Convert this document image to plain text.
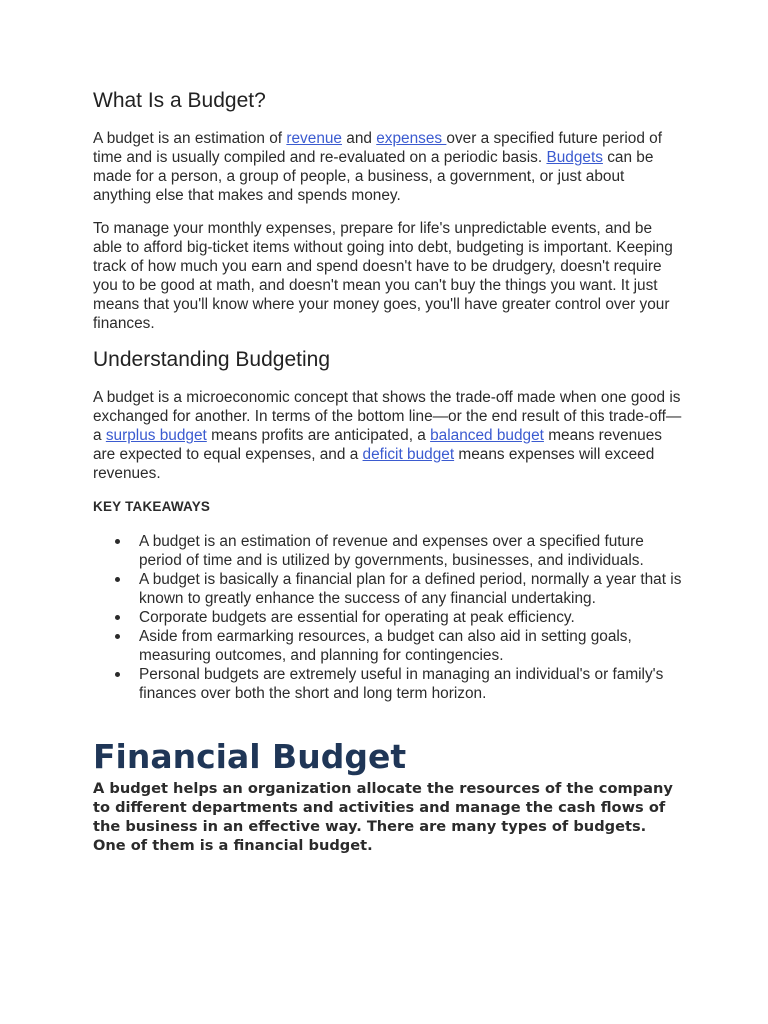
What Is a Budget?

A budget is an estimation of revenue and expenses over a specified future period of time and is usually compiled and re-evaluated on a periodic basis. Budgets can be made for a person, a group of people, a business, a government, or just about anything else that makes and spends money.

To manage your monthly expenses, prepare for life's unpredictable events, and be able to afford big-ticket items without going into debt, budgeting is important. Keeping track of how much you earn and spend doesn't have to be drudgery, doesn't require you to be good at math, and doesn't mean you can't buy the things you want. It just means that you'll know where your money goes, you'll have greater control over your finances.

Understanding Budgeting

A budget is a microeconomic concept that shows the trade-off made when one good is exchanged for another. In terms of the bottom line—or the end result of this trade-off—a surplus budget means profits are anticipated, a balanced budget means revenues are expected to equal expenses, and a deficit budget means expenses will exceed revenues.

KEY TAKEAWAYS
A budget is an estimation of revenue and expenses over a specified future period of time and is utilized by governments, businesses, and individuals.
A budget is basically a financial plan for a defined period, normally a year that is known to greatly enhance the success of any financial undertaking.
Corporate budgets are essential for operating at peak efficiency.
Aside from earmarking resources, a budget can also aid in setting goals, measuring outcomes, and planning for contingencies.
Personal budgets are extremely useful in managing an individual's or family's finances over both the short and long term horizon.
Financial Budget

A budget helps an organization allocate the resources of the company to different departments and activities and manage the cash flows of the business in an effective way. There are many types of budgets. One of them is a financial budget.
